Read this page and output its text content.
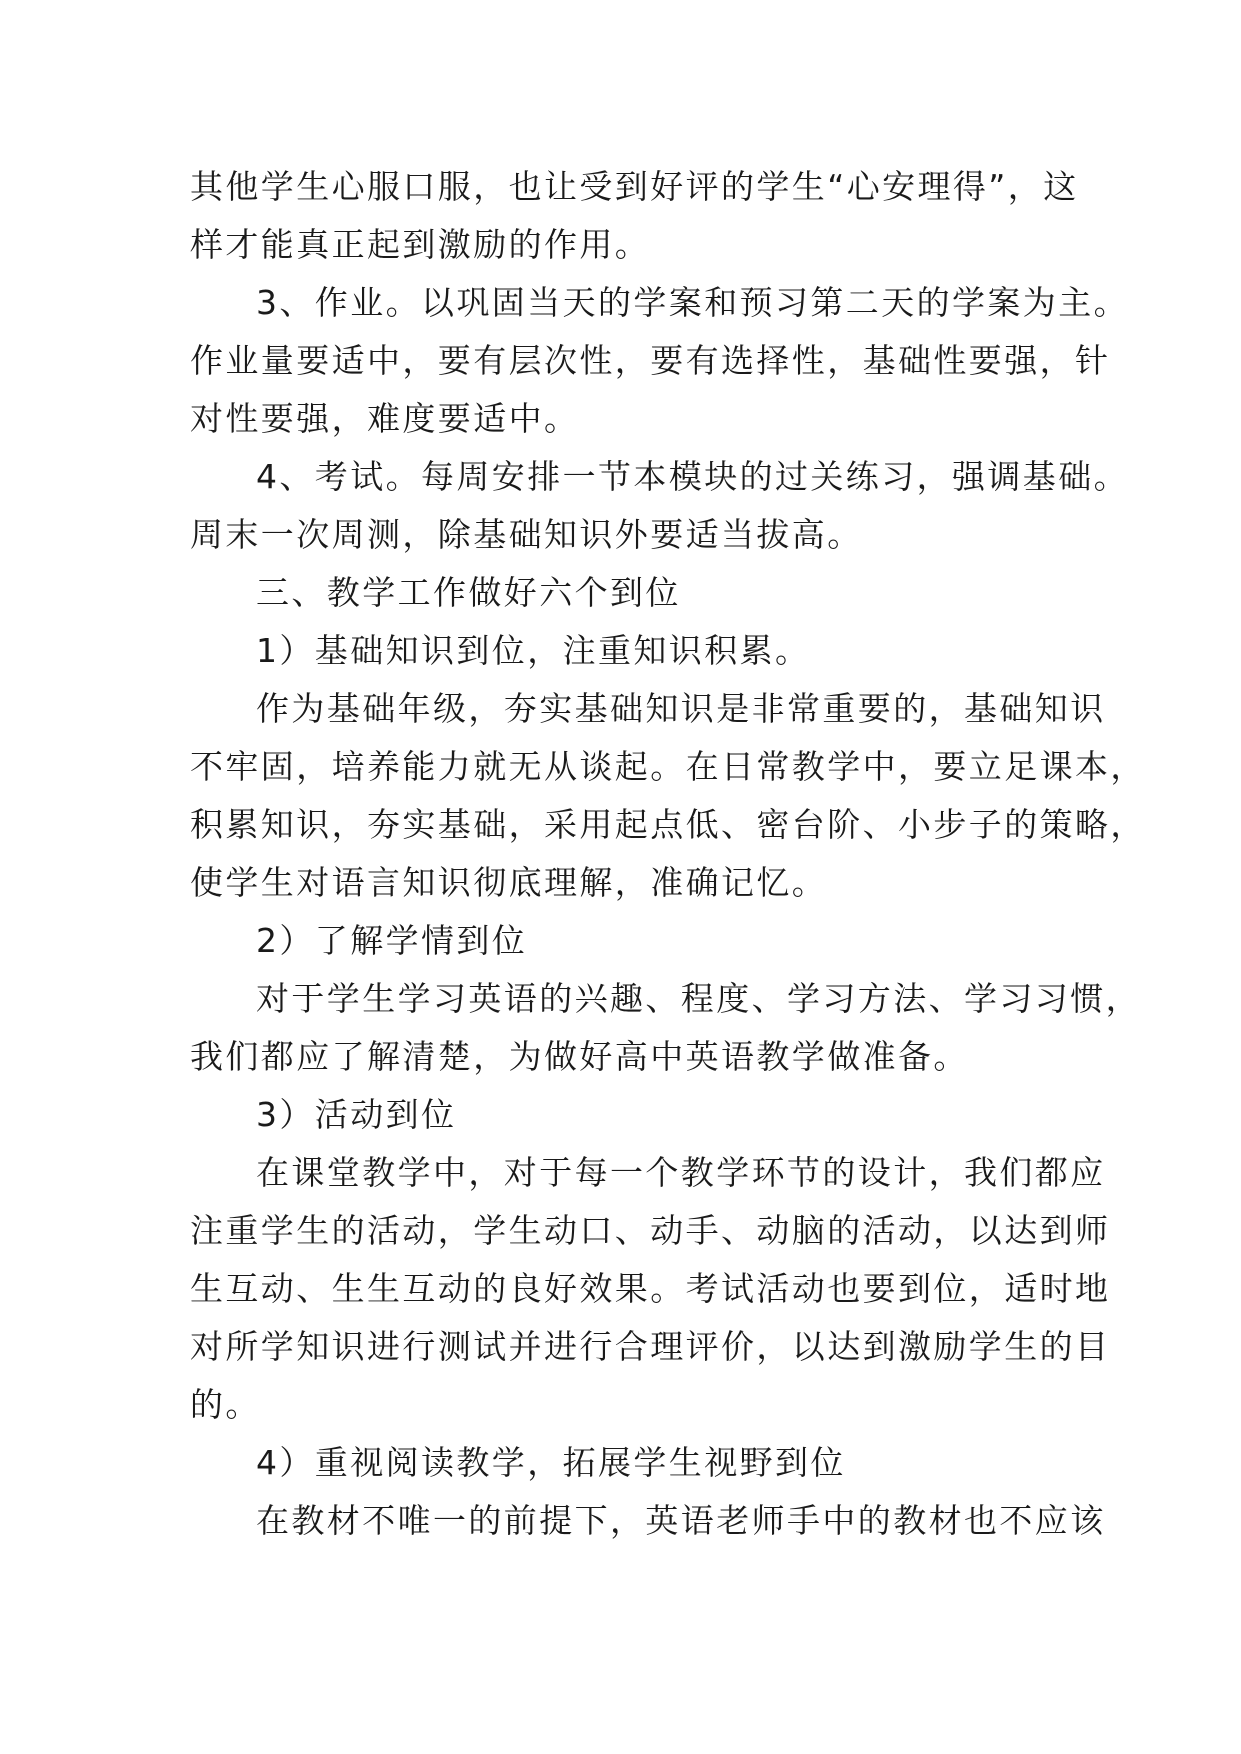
其他学生心服口服，也让受到好评的学生“心安理得”，这
样才能真正起到激励的作用。
3、作业。以巩固当天的学案和预习第二天的学案为主。
作业量要适中，要有层次性，要有选择性，基础性要强，针
对性要强，难度要适中。
4、考试。每周安排一节本模块的过关练习，强调基础。
周末一次周测，除基础知识外要适当拔高。
三、教学工作做好六个到位
1）基础知识到位，注重知识积累。
作为基础年级，夯实基础知识是非常重要的，基础知识
不牢固，培养能力就无从谈起。在日常教学中，要立足课本，
积累知识，夯实基础，采用起点低、密台阶、小步子的策略，
使学生对语言知识彻底理解，准确记忆。
2）了解学情到位
对于学生学习英语的兴趣、程度、学习方法、学习习惯，
我们都应了解清楚，为做好高中英语教学做准备。
3）活动到位
在课堂教学中，对于每一个教学环节的设计，我们都应
注重学生的活动，学生动口、动手、动脑的活动，以达到师
生互动、生生互动的良好效果。考试活动也要到位，适时地
对所学知识进行测试并进行合理评价，以达到激励学生的目
的。
4）重视阅读教学，拓展学生视野到位
在教材不唯一的前提下，英语老师手中的教材也不应该
